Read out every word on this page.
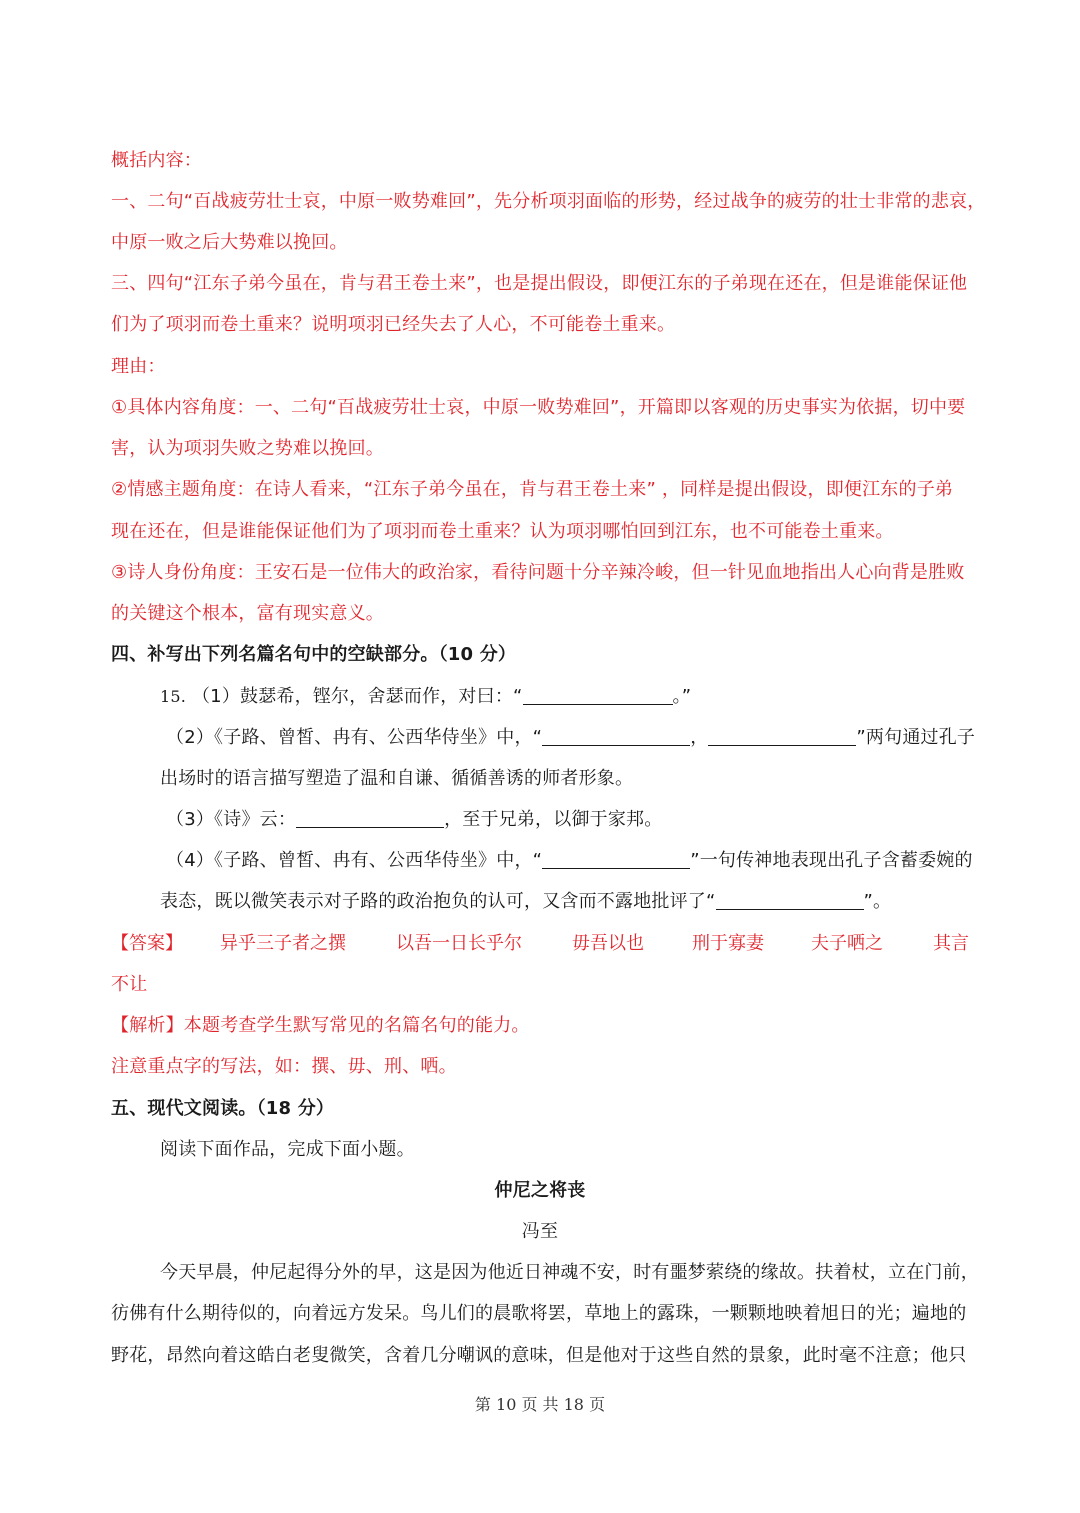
概括内容：
一、二句“百战疲劳壮士哀，中原一败势难回”，先分析项羽面临的形势，经过战争的疲劳的壮士非常的悲哀，
中原一败之后大势难以挽回。
三、四句“江东子弟今虽在，肯与君王卷土来”，也是提出假设，即便江东的子弟现在还在，但是谁能保证他
们为了项羽而卷土重来？说明项羽已经失去了人心，不可能卷土重来。
理由：
①具体内容角度：一、二句“百战疲劳壮士哀，中原一败势难回”，开篇即以客观的历史事实为依据，切中要
害，认为项羽失败之势难以挽回。
②情感主题角度：在诗人看来，“江东子弟今虽在，肯与君王卷土来” ，同样是提出假设，即便江东的子弟
现在还在，但是谁能保证他们为了项羽而卷土重来？认为项羽哪怕回到江东，也不可能卷土重来。
③诗人身份角度：王安石是一位伟大的政治家，看待问题十分辛辣冷峻，但一针见血地指出人心向背是胜败
的关键这个根本，富有现实意义。
四、补写出下列名篇名句中的空缺部分。（10 分）
15. （1）鼓瑟希，铿尔，舍瑟而作，对曰：“	。”
（2）《子路、曾皙、冉有、公西华侍坐》中，“	，	”两句通过孔子
出场时的语言描写塑造了温和自谦、循循善诱的师者形象。
（3）《诗》云：	，至于兄弟，以御于家邦。
（4）《子路、曾皙、冉有、公西华侍坐》中，“	”一句传神地表现出孔子含蓄委婉的
表态，既以微笑表示对子路的政治抱负的认可，又含而不露地批评了“	”。
【答案】 异乎三子者之撰	以吾一日长乎尔	毋吾以也	刑于寡妻	夫子哂之	其言
不让
【解析】本题考查学生默写常见的名篇名句的能力。
注意重点字的写法，如：撰、毋、刑、哂。
五、现代文阅读。（18 分）
阅读下面作品，完成下面小题。
仲尼之将丧
冯至
今天早晨，仲尼起得分外的早，这是因为他近日神魂不安，时有噩梦萦绕的缘故。扶着杖，立在门前，
彷佛有什么期待似的，向着远方发呆。鸟儿们的晨歌将罢，草地上的露珠，一颗颗地映着旭日的光；遍地的
野花，昂然向着这皓白老叟微笑，含着几分嘲讽的意味，但是他对于这些自然的景象，此时毫不注意；他只
第 10 页 共 18 页
